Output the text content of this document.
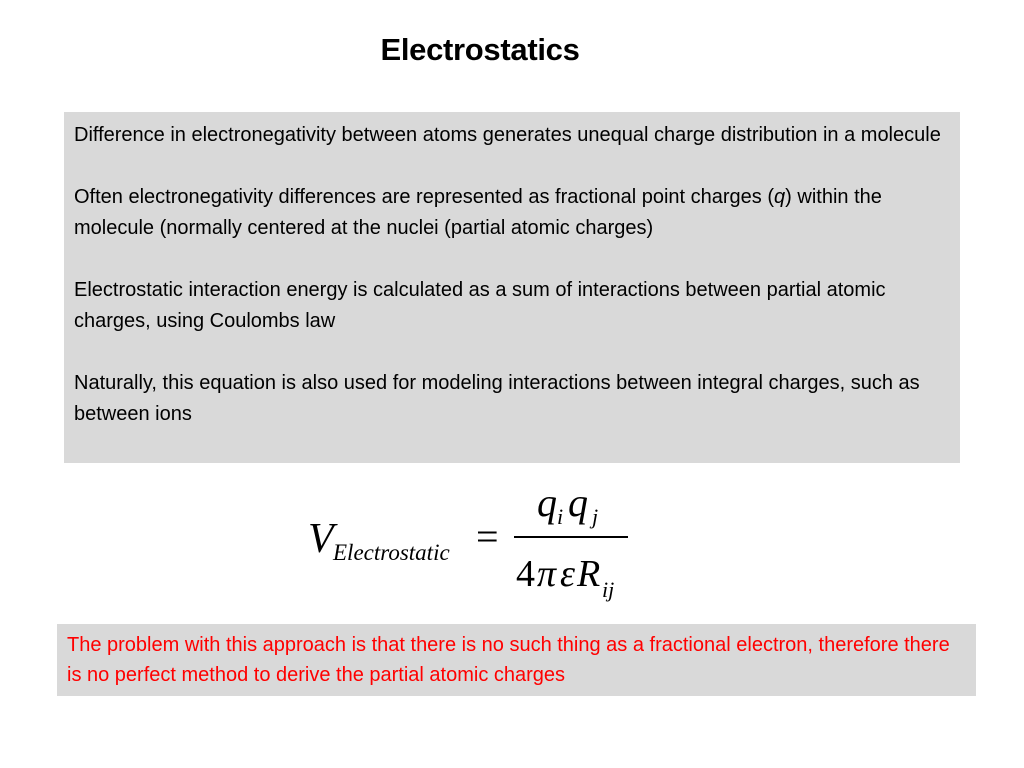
Electrostatics

Difference in electronegativity between atoms generates unequal charge distribution in a molecule

Often electronegativity differences are represented as fractional point charges (q) within the molecule (normally centered at the nuclei (partial atomic charges)

Electrostatic interaction energy is calculated as a sum of interactions between partial atomic charges, using Coulombs law

Naturally, this equation is also used for modeling interactions between integral charges, such as between ions

V Electrostatic =
q i q j
4 π ε R ij

The problem with this approach is that there is no such thing as a fractional electron, therefore there is no perfect method to derive the partial atomic charges
